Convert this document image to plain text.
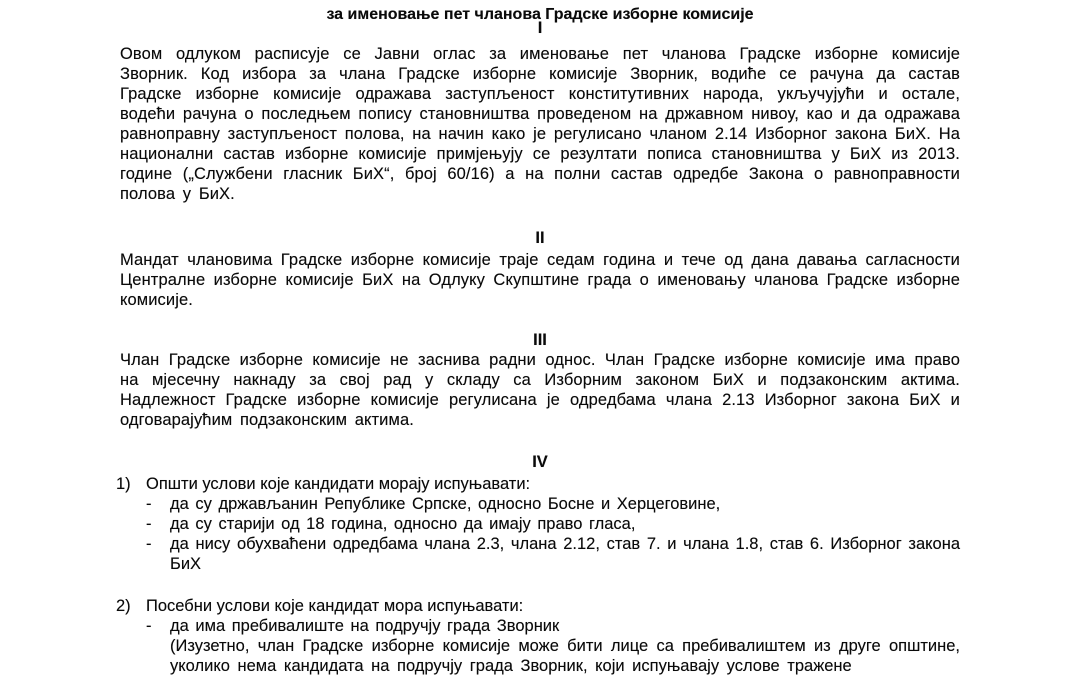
за именовање пет чланова Градске изборне комисије
I
Овом одлуком расписује се Јавни оглас за именовање пет чланова Градске изборне комисије Зворник. Код избора за члана Градске изборне комисије Зворник, водиће се рачуна да састав Градске изборне комисије одражава заступљеност конститутивних народа, укључујући и остале, водећи рачуна о последњем попису становништва проведеном на државном нивоу, као и да одражава равноправну заступљеност полова, на начин како је регулисано чланом 2.14 Изборног закона БиХ. На национални састав изборне комисије примјењују се резултати пописа становништва у БиХ из 2013. године („Службени гласник БиХ“, број 60/16) а на полни састав одредбе Закона о равноправности полова у БиХ.
II
Мандат члановима Градске изборне комисије траје седам година и тече од дана давања сагласности Централне изборне комисије БиХ на Одлуку Скупштине града о именовању чланова Градске изборне комисије.
III
Члан Градске изборне комисије не заснива радни однос. Члан Градске изборне комисије има право на мјесечну накнаду за свој рад у складу са Изборним законом БиХ и подзаконским актима. Надлежност Градске изборне комисије регулисана је одредбама члана 2.13 Изборног закона БиХ и одговарајућим подзаконским актима.
IV
1) Општи услови које кандидати морају испуњавати:
-	да су држављанин Републике Српске, односно Босне и Херцеговине,
-	да су старији од 18 година, односно да имају право гласа,
-	да нису обухваћени одредбама члана 2.3, члана 2.12, став 7. и члана 1.8, став 6. Изборног закона БиХ
2) Посебни услови које кандидат мора испуњавати:
-	да има пребивалиште на подручју града Зворник
(Изузетно, члан Градске изборне комисије може бити лице са пребивалиштем из друге општине, уколико нема кандидата на подручју града Зворник, који испуњавају услове тражене
